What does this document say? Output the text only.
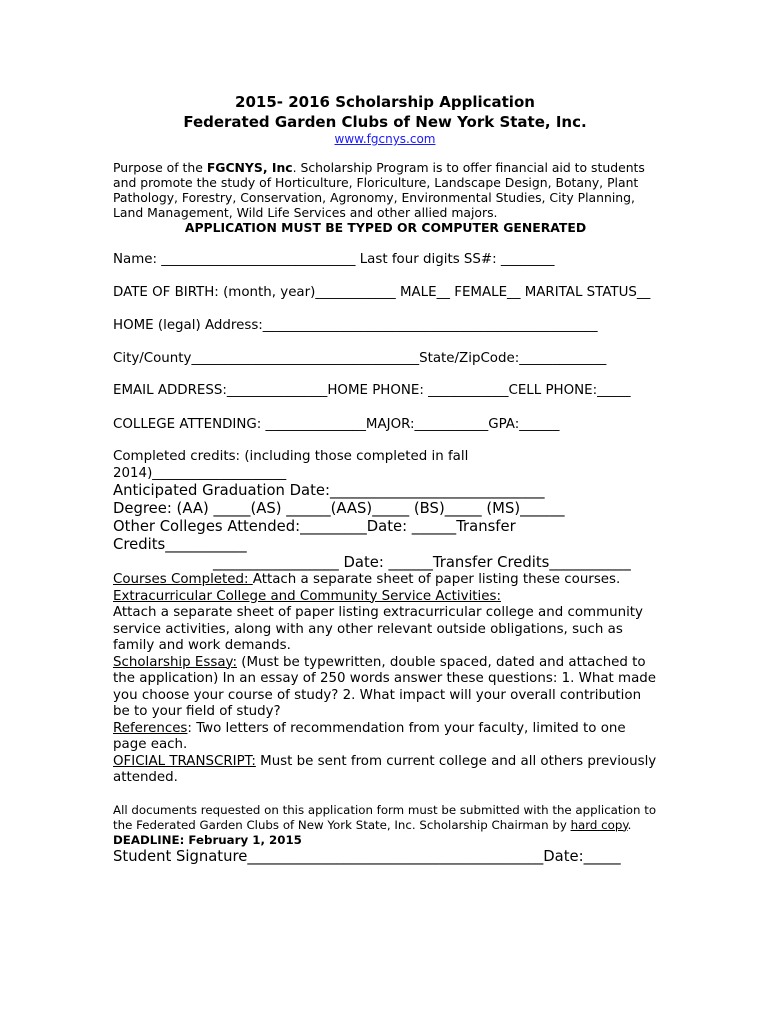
2015- 2016 Scholarship Application
Federated Garden Clubs of New York State, Inc.
www.fgcnys.com

Purpose of the FGCNYS, Inc. Scholarship Program is to offer financial aid to students and promote the study of Horticulture, Floriculture, Landscape Design, Botany, Plant Pathology, Forestry, Conservation, Agronomy, Environmental Studies, City Planning, Land Management, Wild Life Services and other allied majors.

APPLICATION MUST BE TYPED OR COMPUTER GENERATED

Name: _____________________________ Last four digits SS#: ________

DATE OF BIRTH: (month, year)____________ MALE__ FEMALE__ MARITAL STATUS__

HOME (legal) Address:__________________________________________________

City/County__________________________________State/ZipCode:_____________

EMAIL ADDRESS:_______________HOME PHONE: ____________CELL PHONE:_____

COLLEGE ATTENDING: _______________MAJOR:___________GPA:______

Completed credits: (including those completed in fall 2014)____________________

Anticipated Graduation Date:_____________________________

Degree: (AA) _____(AS) ______(AAS)_____ (BS)_____ (MS)______

Other Colleges Attended:_________Date: ______Transfer Credits___________

_________________ Date: ______Transfer Credits___________

Courses Completed: Attach a separate sheet of paper listing these courses.

Extracurricular College and Community Service Activities:

Attach a separate sheet of paper listing extracurricular college and community service activities, along with any other relevant outside obligations, such as family and work demands.

Scholarship Essay: (Must be typewritten, double spaced, dated and attached to the application) In an essay of 250 words answer these questions: 1. What made you choose your course of study? 2. What impact will your overall contribution be to your field of study?

References: Two letters of recommendation from your faculty, limited to one page each.

OFICIAL TRANSCRIPT: Must be sent from current college and all others previously attended.

All documents requested on this application form must be submitted with the application to the Federated Garden Clubs of New York State, Inc. Scholarship Chairman by hard copy. DEADLINE: February 1, 2015

Student Signature________________________________________Date:_____
